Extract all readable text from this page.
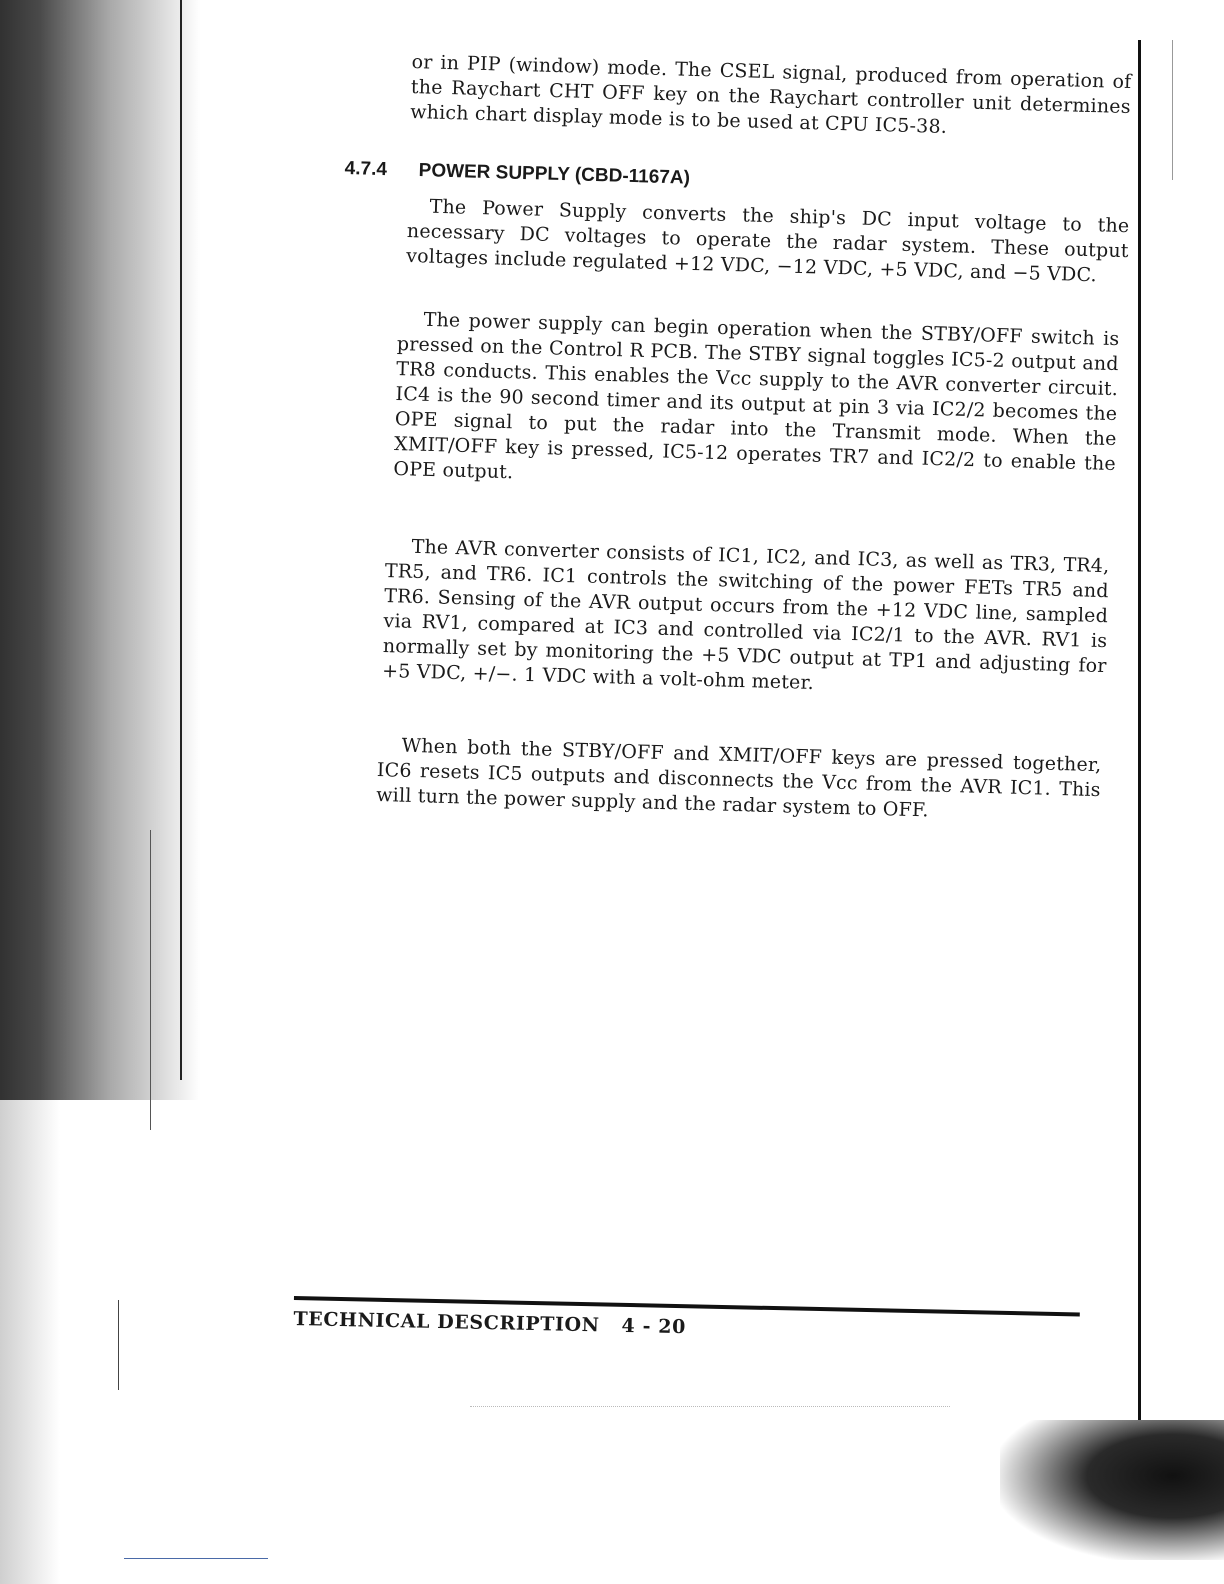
or in PIP (window) mode. The CSEL signal, produced from operation of the Raychart CHT OFF key on the Raychart controller unit determines which chart display mode is to be used at CPU IC5-38.

4.7.4 POWER SUPPLY (CBD-1167A)

The Power Supply converts the ship's DC input voltage to the necessary DC voltages to operate the radar system. These output voltages include regulated +12 VDC, −12 VDC, +5 VDC, and −5 VDC.

The power supply can begin operation when the STBY/OFF switch is pressed on the Control R PCB. The STBY signal toggles IC5-2 output and TR8 conducts. This enables the Vcc supply to the AVR converter circuit. IC4 is the 90 second timer and its output at pin 3 via IC2/2 becomes the OPE signal to put the radar into the Transmit mode. When the XMIT/OFF key is pressed, IC5-12 operates TR7 and IC2/2 to enable the OPE output.

The AVR converter consists of IC1, IC2, and IC3, as well as TR3, TR4, TR5, and TR6. IC1 controls the switching of the power FETs TR5 and TR6. Sensing of the AVR output occurs from the +12 VDC line, sampled via RV1, compared at IC3 and controlled via IC2/1 to the AVR. RV1 is normally set by monitoring the +5 VDC output at TP1 and adjusting for +5 VDC, +/−. 1 VDC with a volt-ohm meter.

When both the STBY/OFF and XMIT/OFF keys are pressed together, IC6 resets IC5 outputs and disconnects the Vcc from the AVR IC1. This will turn the power supply and the radar system to OFF.

TECHNICAL DESCRIPTION 4 - 20
